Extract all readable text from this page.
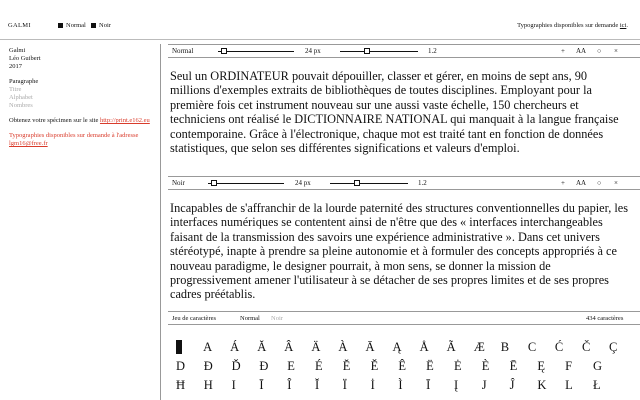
GALMI	Normal Noir	Typographies disponibles sur demande ici.
Galmi
Léo Guibert
2017
Paragraphe
Titre
Alphabet
Nombres
Obtenez votre spécimen sur le site http://print.e162.eu
Typographies disponibles sur demande à l'adresse
lgm16@free.fr
Normal	24 px	1.2	+ AA ○ ×
Seul un ORDINATEUR pouvait dépouiller, classer et gérer, en moins de sept ans, 90 millions d'exemples extraits de bibliothèques de toutes disciplines. Employant pour la première fois cet instrument nouveau sur une aussi vaste échelle, 150 chercheurs et techniciens ont réalisé le DICTIONNAIRE NATIONAL qui manquait à la langue française contemporaine. Grâce à l'électronique, chaque mot est traité tant en fonction de données statistiques, que selon ses différentes significations et valeurs d'emploi.
Noir	24 px	1.2	+ AA ○ ×
Incapables de s'affranchir de la lourde paternité des structures conventionnelles du papier, les interfaces numériques se contentent ainsi de n'être que des « interfaces interchangeables faisant de la transmission des savoirs une expérience administrative ». Dans cet univers stéréotypé, inapte à prendre sa pleine autonomie et à formuler des concepts appropriés à ce nouveau paradigme, le designer pourrait, à mon sens, se donner la mission de progressivement amener l'utilisateur à se détacher de ses propres limites et de ses propres cadres préétablis.
Jeu de caractères	Normal Noir	434 caractères
A	Á	Ă	Â	Ä	À	Ā	Ą	Å	Ã	Æ	B	C	Ć	Č	Ç
D	Đ	Ď	Đ	E	É	Ĕ	Ě	Ê	Ë	Ė	È	Ē	Ę	F	G
Ħ	H	I	Ī	Î	Ĭ	Ï	İ	Ì	Ī	Į	J	Ĵ	K	L	Ł
